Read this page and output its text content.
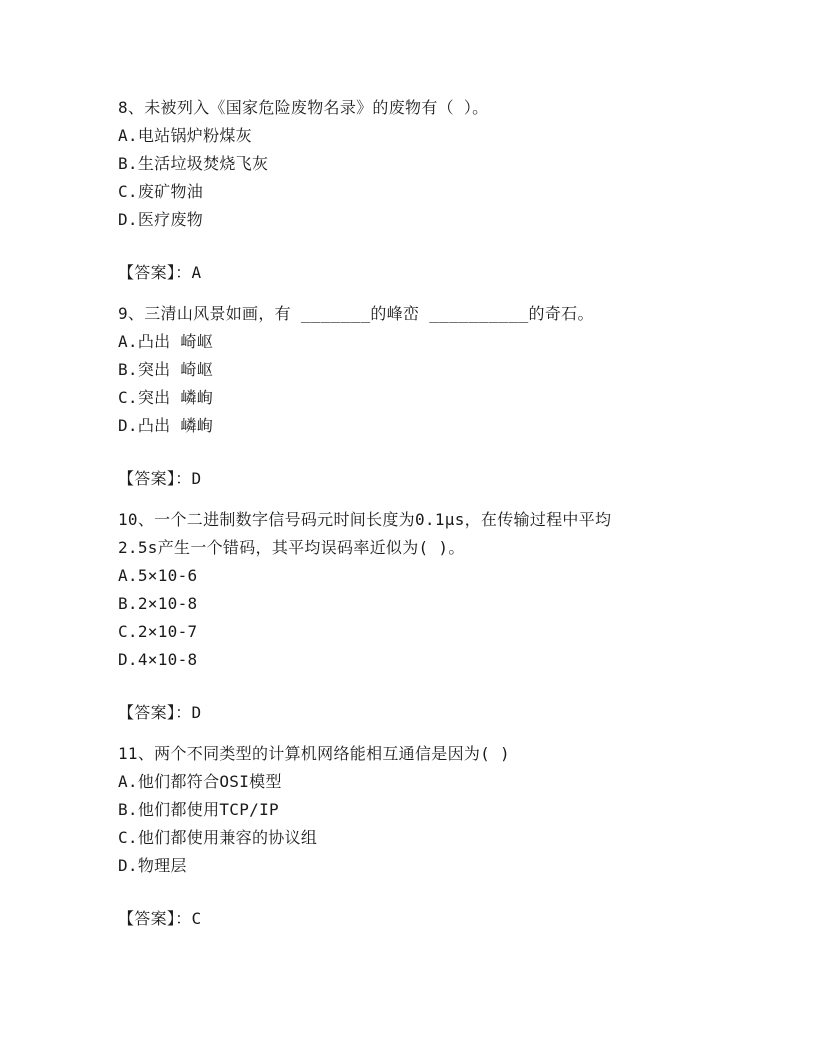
8、未被列入《国家危险废物名录》的废物有（ ）。
A.电站锅炉粉煤灰
B.生活垃圾焚烧飞灰
C.废矿物油
D.医疗废物
【答案】：A
9、三清山风景如画，有 _______的峰峦 __________的奇石。
A.凸出 崎岖
B.突出 崎岖
C.突出 嶙峋
D.凸出 嶙峋
【答案】：D
10、一个二进制数字信号码元时间长度为0.1μs，在传输过程中平均
2.5s产生一个错码，其平均误码率近似为( )。
A.5×10-6
B.2×10-8
C.2×10-7
D.4×10-8
【答案】：D
11、两个不同类型的计算机网络能相互通信是因为( )
A.他们都符合OSI模型
B.他们都使用TCP/IP
C.他们都使用兼容的协议组
D.物理层
【答案】：C
